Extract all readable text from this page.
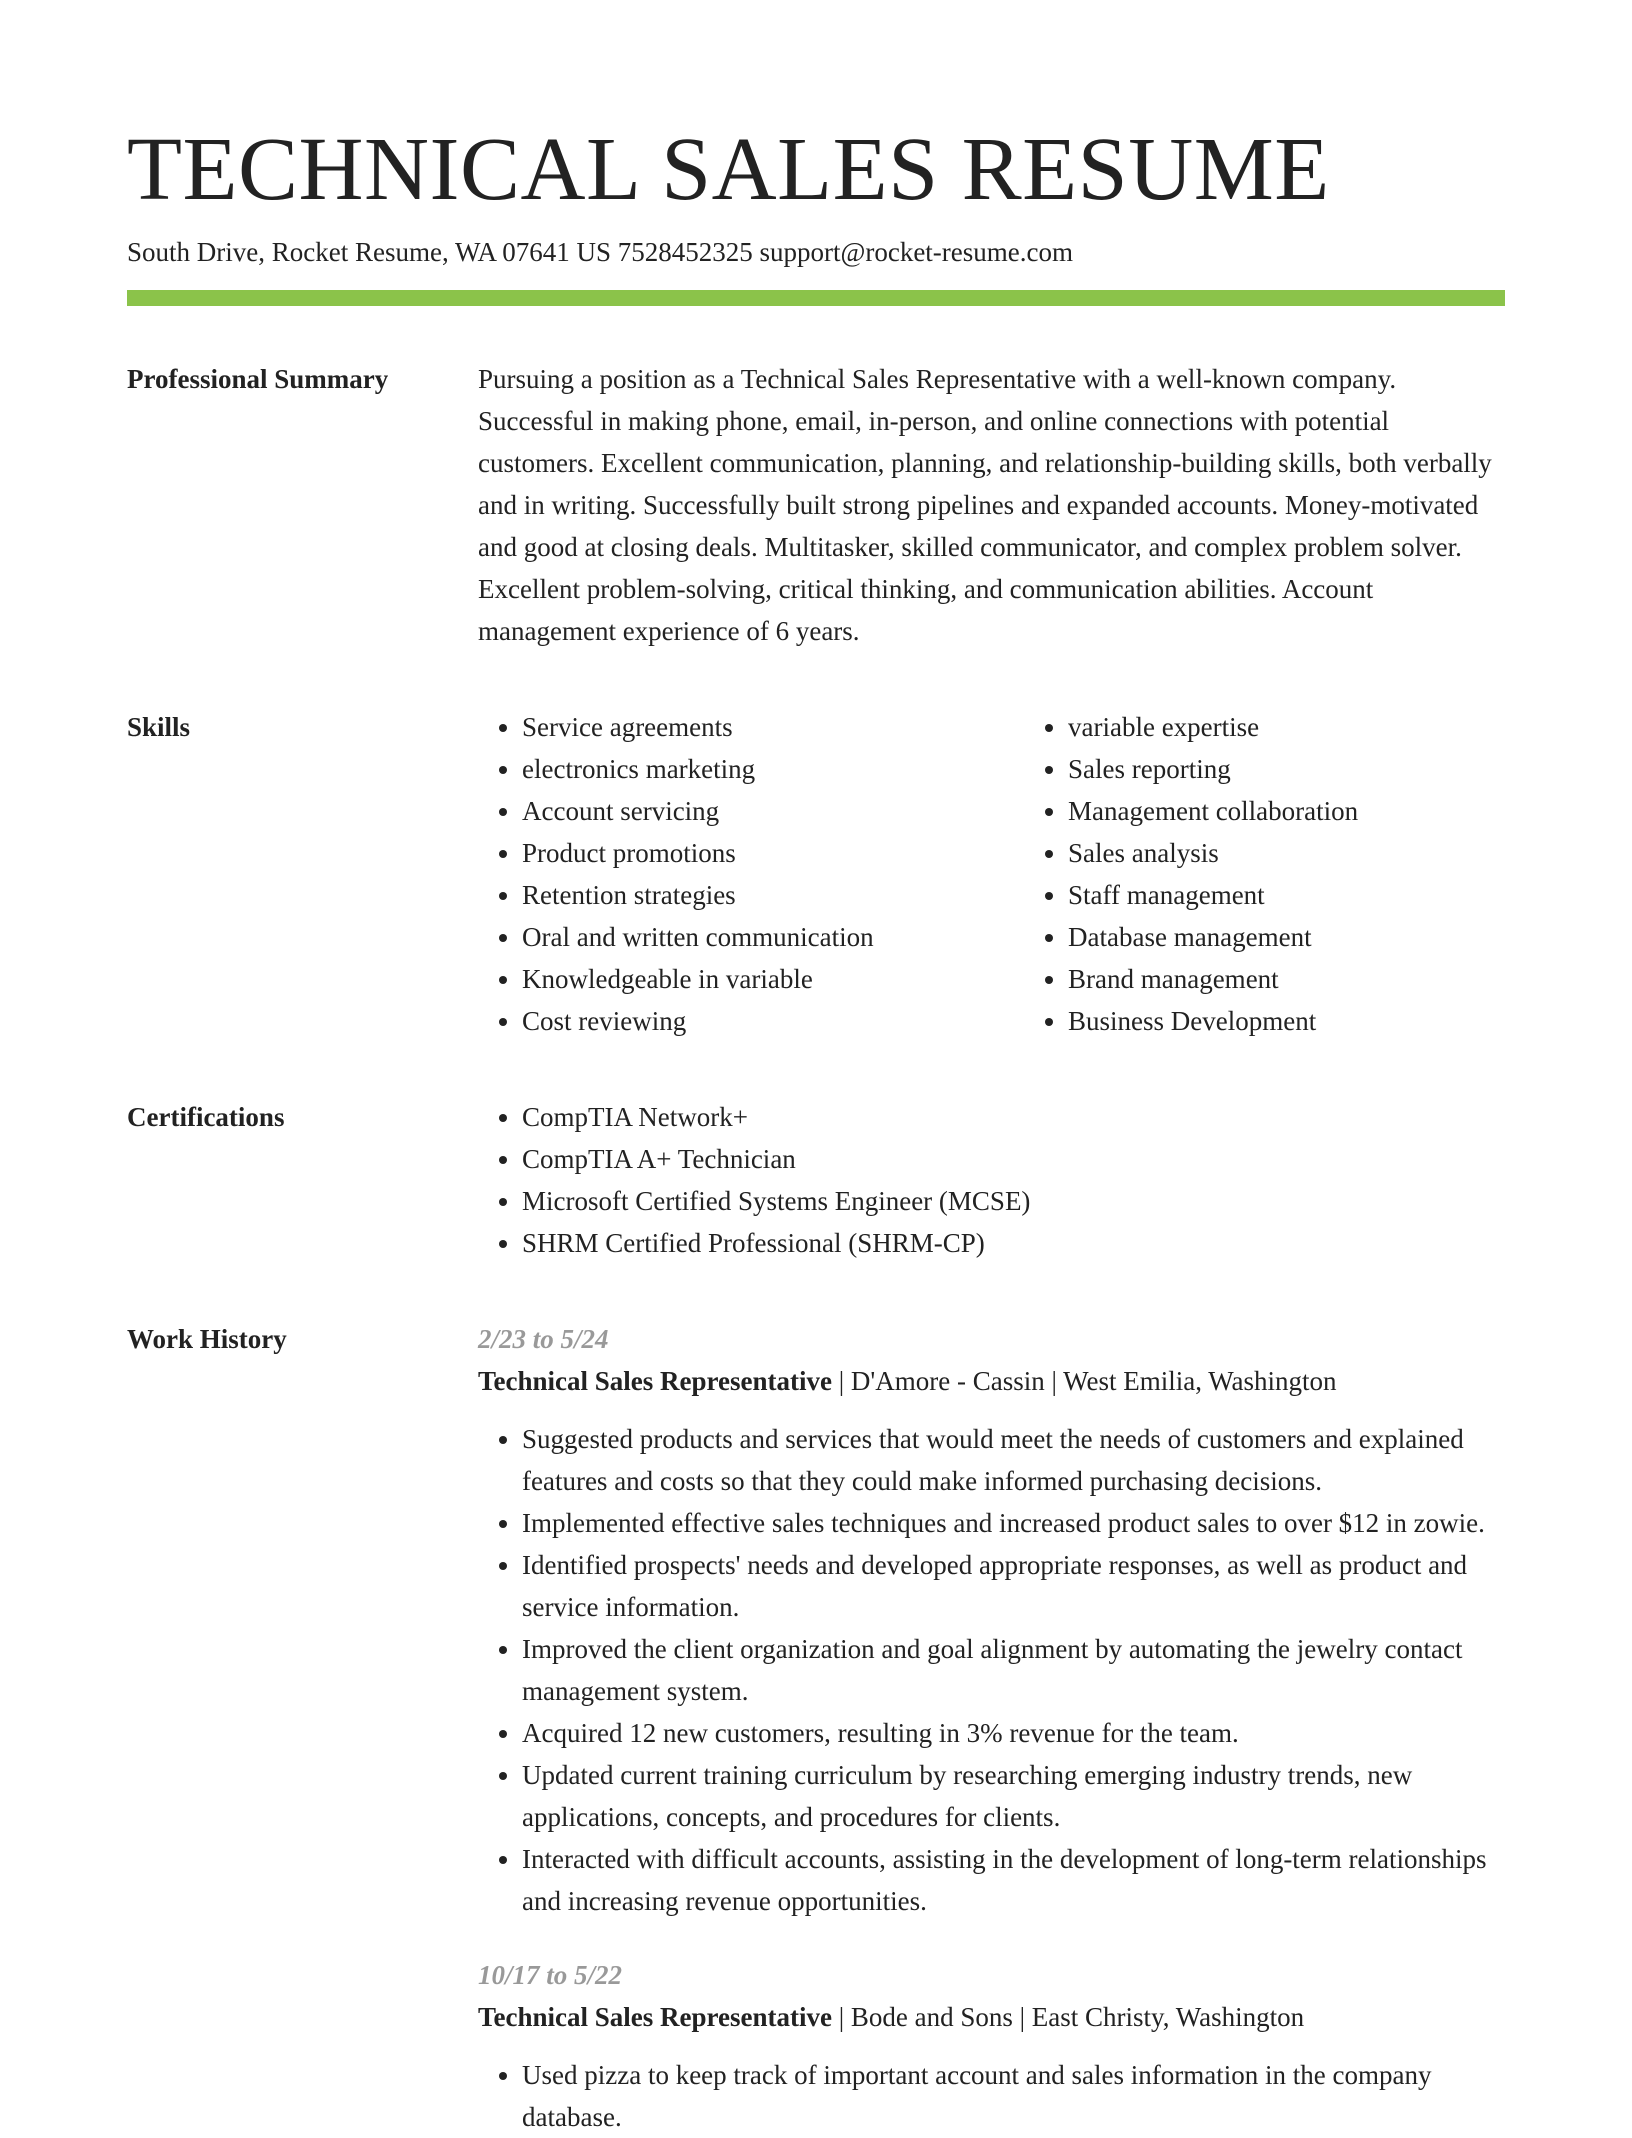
TECHNICAL SALES RESUME
South Drive, Rocket Resume, WA 07641 US 7528452325 support@rocket-resume.com
Professional Summary	Pursuing a position as a Technical Sales Representative with a well-known company. Successful in making phone, email, in-person, and online connections with potential customers. Excellent communication, planning, and relationship-building skills, both verbally and in writing. Successfully built strong pipelines and expanded accounts. Money-motivated and good at closing deals. Multitasker, skilled communicator, and complex problem solver. Excellent problem-solving, critical thinking, and communication abilities. Account management experience of 6 years.

Skills	• Service agreements
• electronics marketing
• Account servicing
• Product promotions
• Retention strategies
• Oral and written communication
• Knowledgeable in variable
• Cost reviewing
• variable expertise
• Sales reporting
• Management collaboration
• Sales analysis
• Staff management
• Database management
• Brand management
• Business Development
Certifications	• CompTIA Network+
• CompTIA A+ Technician
• Microsoft Certified Systems Engineer (MCSE)
• SHRM Certified Professional (SHRM-CP)
Work History	2/23 to 5/24
Technical Sales Representative | D'Amore - Cassin | West Emilia, Washington
• Suggested products and services that would meet the needs of customers and explained features and costs so that they could make informed purchasing decisions.
• Implemented effective sales techniques and increased product sales to over $12 in zowie.
• Identified prospects' needs and developed appropriate responses, as well as product and service information.
• Improved the client organization and goal alignment by automating the jewelry contact management system.
• Acquired 12 new customers, resulting in 3% revenue for the team.
• Updated current training curriculum by researching emerging industry trends, new applications, concepts, and procedures for clients.
• Interacted with difficult accounts, assisting in the development of long-term relationships and increasing revenue opportunities.
10/17 to 5/22
Technical Sales Representative | Bode and Sons | East Christy, Washington
• Used pizza to keep track of important account and sales information in the company database.
